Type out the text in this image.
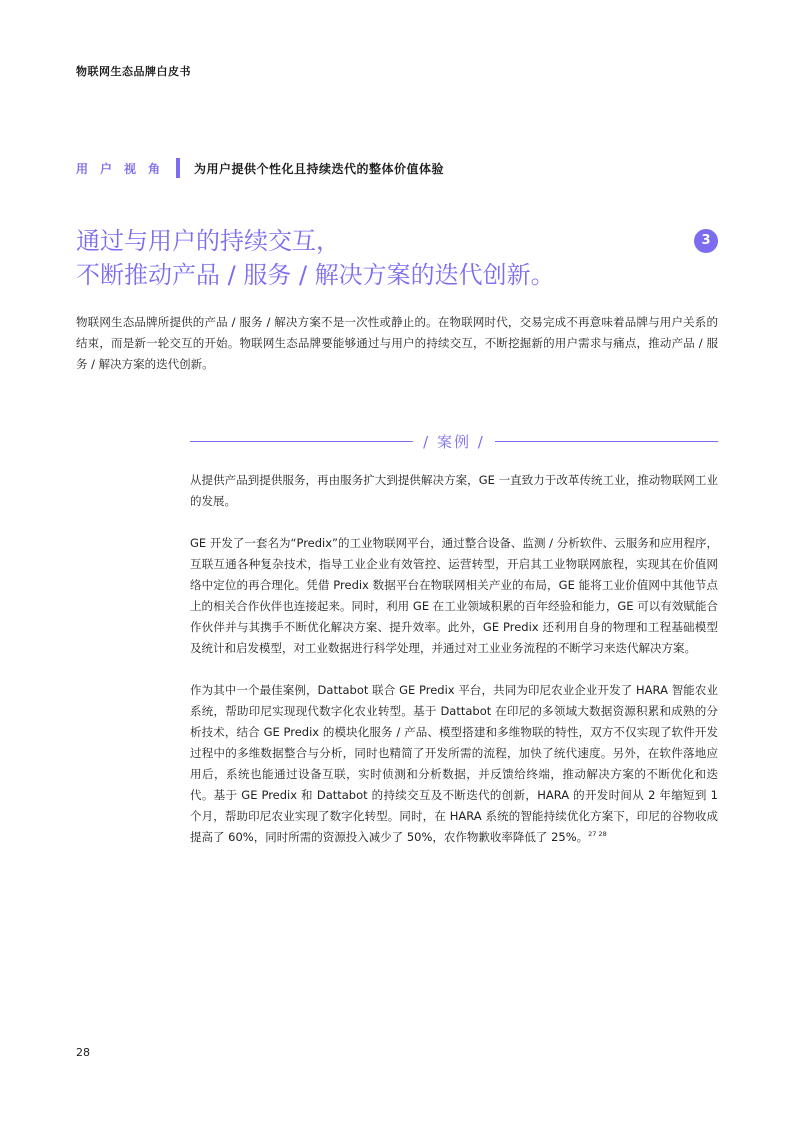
物联网生态品牌白皮书
用户视角 为用户提供个性化且持续迭代的整体价值体验
通过与用户的持续交互，
不断推动产品 / 服务 / 解决方案的迭代创新。
3

物联网生态品牌所提供的产品 / 服务 / 解决方案不是一次性或静止的。在物联网时代，交易完成不再意味着品牌与用户关系的结束，而是新一轮交互的开始。物联网生态品牌要能够通过与用户的持续交互，不断挖掘新的用户需求与痛点，推动产品 / 服务 / 解决方案的迭代创新。

/ 案例 /

从提供产品到提供服务，再由服务扩大到提供解决方案，GE 一直致力于改革传统工业，推动物联网工业的发展。

GE 开发了一套名为“Predix”的工业物联网平台，通过整合设备、监测 / 分析软件、云服务和应用程序，互联互通各种复杂技术，指导工业企业有效管控、运营转型，开启其工业物联网旅程，实现其在价值网络中定位的再合理化。凭借 Predix 数据平台在物联网相关产业的布局，GE 能将工业价值网中其他节点上的相关合作伙伴也连接起来。同时，利用 GE 在工业领域积累的百年经验和能力，GE 可以有效赋能合作伙伴并与其携手不断优化解决方案、提升效率。此外，GE Predix 还利用自身的物理和工程基础模型及统计和启发模型，对工业数据进行科学处理，并通过对工业业务流程的不断学习来迭代解决方案。

作为其中一个最佳案例，Dattabot 联合 GE Predix 平台，共同为印尼农业企业开发了 HARA 智能农业系统，帮助印尼实现现代数字化农业转型。基于 Dattabot 在印尼的多领域大数据资源积累和成熟的分析技术，结合 GE Predix 的模块化服务 / 产品、模型搭建和多维物联的特性，双方不仅实现了软件开发过程中的多维数据整合与分析，同时也精简了开发所需的流程，加快了统代速度。另外，在软件落地应用后，系统也能通过设备互联，实时侦测和分析数据，并反馈给终端，推动解决方案的不断优化和迭代。基于 GE Predix 和 Dattabot 的持续交互及不断迭代的创新，HARA 的开发时间从 2 年缩短到 1 个月，帮助印尼农业实现了数字化转型。同时，在 HARA 系统的智能持续优化方案下，印尼的谷物收成提高了 60%，同时所需的资源投入减少了 50%，农作物歉收率降低了 25%。$^{27 28}$

28
